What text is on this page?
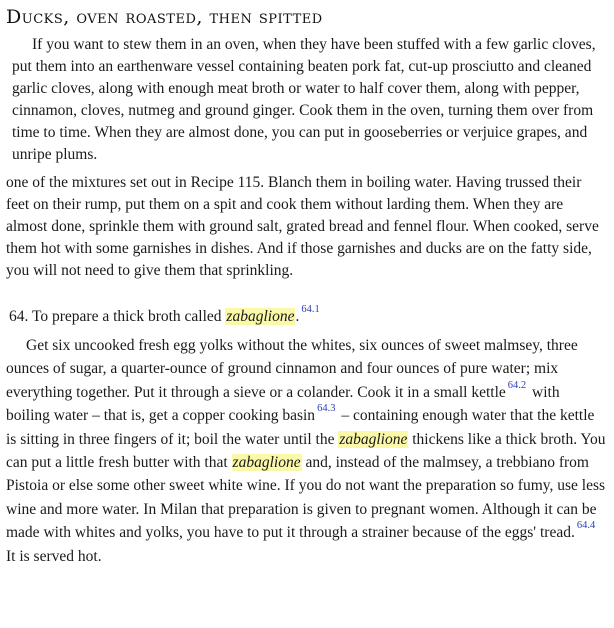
Ducks, oven roasted, then spitted

If you want to stew them in an oven, when they have been stuffed with a few garlic cloves, put them into an earthenware vessel containing beaten pork fat, cut-up prosciutto and cleaned garlic cloves, along with enough meat broth or water to half cover them, along with pepper, cinnamon, cloves, nutmeg and ground ginger. Cook them in the oven, turning them over from time to time. When they are almost done, you can put in gooseberries or verjuice grapes, and unripe plums.

one of the mixtures set out in Recipe 115. Blanch them in boiling water. Having trussed their feet on their rump, put them on a spit and cook them without larding them. When they are almost done, sprinkle them with ground salt, grated bread and fennel flour. When cooked, serve them hot with some garnishes in dishes. And if those garnishes and ducks are on the fatty side, you will not need to give them that sprinkling.

64. To prepare a thick broth called zabaglione. $^{64.1}$

Get six uncooked fresh egg yolks without the whites, six ounces of sweet malmsey, three ounces of sugar, a quarter-ounce of ground cinnamon and four ounces of pure water; mix everything together. Put it through a sieve or a colander. Cook it in a small kettle $^{64.2}$ with boiling water – that is, get a copper cooking basin $^{64.3}$ – containing enough water that the kettle is sitting in three fingers of it; boil the water until the zabaglione thickens like a thick broth. You can put a little fresh butter with that zabaglione and, instead of the malmsey, a trebbiano from Pistoia or else some other sweet white wine. If you do not want the preparation so fumy, use less wine and more water. In Milan that preparation is given to pregnant women. Although it can be made with whites and yolks, you have to put it through a strainer because of the eggs' tread. $^{64.4}$ It is served hot.
